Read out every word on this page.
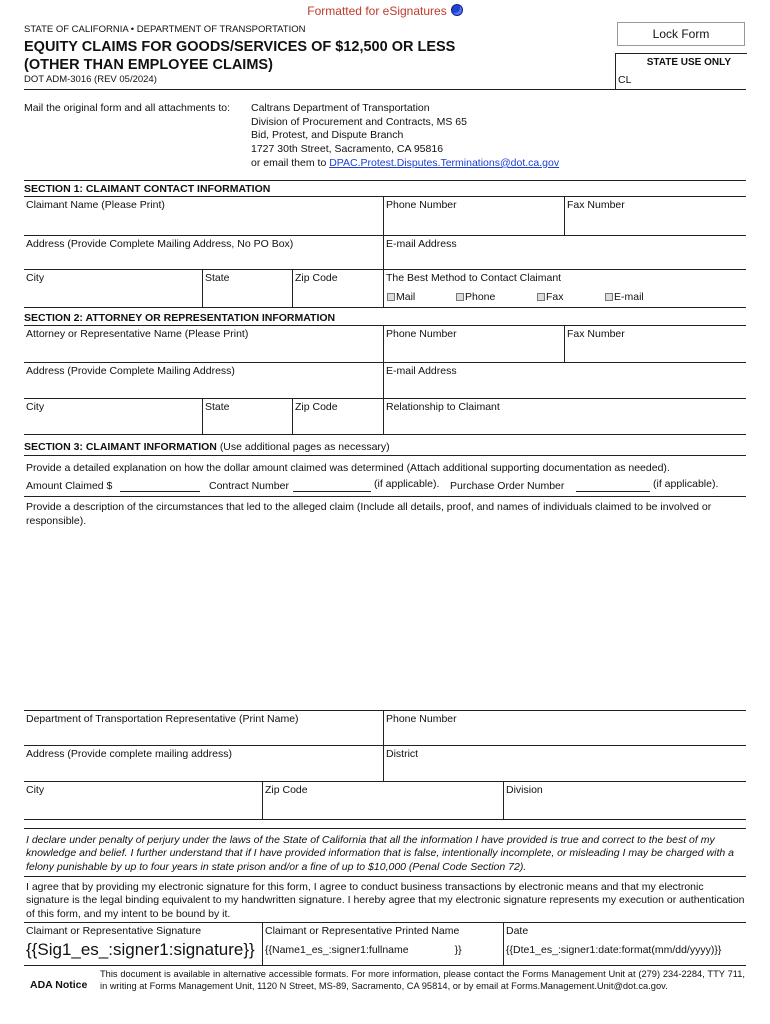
Formatted for eSignatures
STATE OF CALIFORNIA • DEPARTMENT OF TRANSPORTATION
EQUITY CLAIMS FOR GOODS/SERVICES OF $12,500 OR LESS
(OTHER THAN EMPLOYEE CLAIMS)
DOT ADM-3016 (REV 05/2024)
Lock Form
STATE USE ONLY
CL
Mail the original form and all attachments to: Caltrans Department of Transportation
Division of Procurement and Contracts, MS 65
Bid, Protest, and Dispute Branch
1727 30th Street, Sacramento, CA 95816
or email them to DPAC.Protest.Disputes.Terminations@dot.ca.gov
SECTION 1: CLAIMANT CONTACT INFORMATION
Claimant Name (Please Print)	Phone Number	Fax Number
Address (Provide Complete Mailing Address, No PO Box)	E-mail Address
City	State	Zip Code	The Best Method to Contact Claimant
Mail	Phone	Fax	E-mail
SECTION 2: ATTORNEY OR REPRESENTATION INFORMATION
Attorney or Representative Name (Please Print)	Phone Number	Fax Number
Address (Provide Complete Mailing Address)	E-mail Address
City	State	Zip Code	Relationship to Claimant
SECTION 3: CLAIMANT INFORMATION (Use additional pages as necessary)
Provide a detailed explanation on how the dollar amount claimed was determined (Attach additional supporting documentation as needed).
Amount Claimed $	Contract Number	(if applicable). Purchase Order Number	(if applicable).
Provide a description of the circumstances that led to the alleged claim (Include all details, proof, and names of individuals claimed to be involved or responsible).
Department of Transportation Representative (Print Name)	Phone Number
Address (Provide complete mailing address)	District
City	Zip Code	Division
I declare under penalty of perjury under the laws of the State of California that all the information I have provided is true and correct to the best of my knowledge and belief. I further understand that if I have provided information that is false, intentionally incomplete, or misleading I may be charged with a felony punishable by up to four years in state prison and/or a fine of up to $10,000 (Penal Code Section 72).
I agree that by providing my electronic signature for this form, I agree to conduct business transactions by electronic means and that my electronic signature is the legal binding equivalent to my handwritten signature. I hereby agree that my electronic signature represents my execution or authentication of this form, and my intent to be bound by it.
Claimant or Representative Signature
{{Sig1_es_:signer1:signature}}
Claimant or Representative Printed Name
{{Name1_es_:signer1:fullname	}}
Date
{{Dte1_es_:signer1:date:format(mm/dd/yyyy)}}
ADA Notice
This document is available in alternative accessible formats. For more information, please contact the Forms Management Unit at (279) 234-2284, TTY 711, in writing at Forms Management Unit, 1120 N Street, MS-89, Sacramento, CA 95814, or by email at Forms.Management.Unit@dot.ca.gov.
